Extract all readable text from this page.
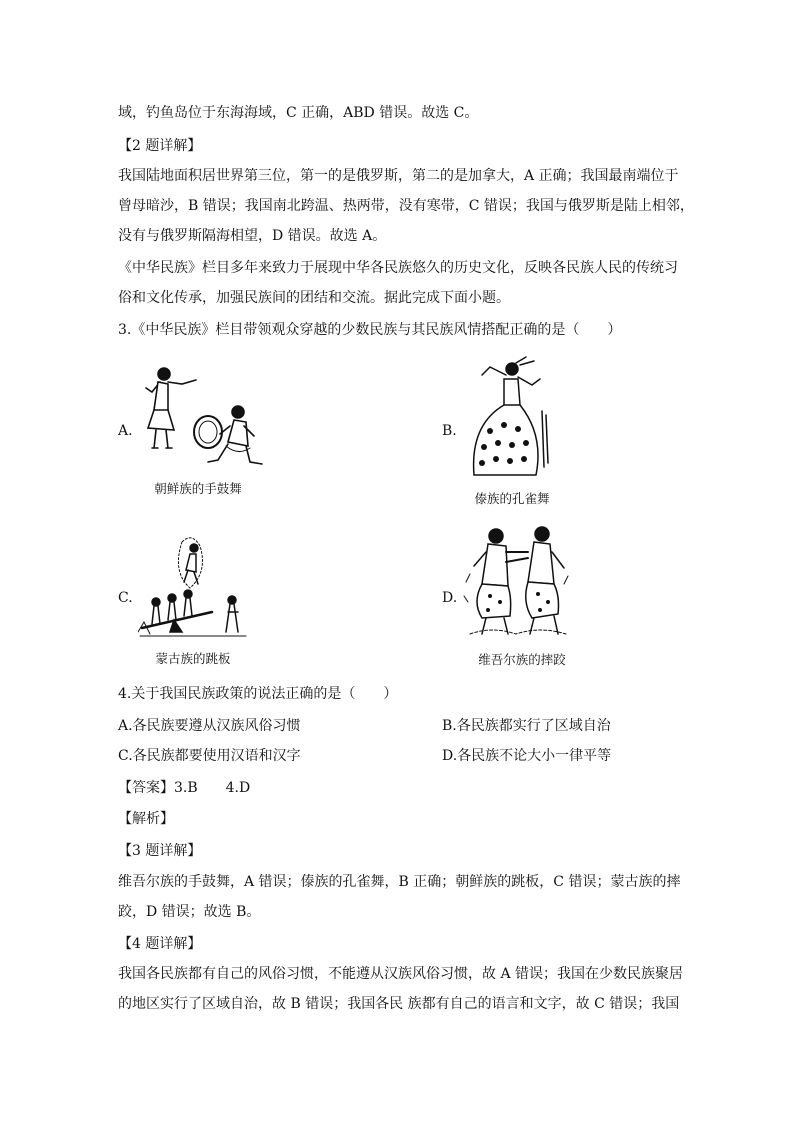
域，钓鱼岛位于东海海域，C 正确，ABD 错误。故选 C。
【2 题详解】
我国陆地面积居世界第三位，第一的是俄罗斯，第二的是加拿大，A 正确；我国最南端位于
曾母暗沙，B 错误；我国南北跨温、热两带，没有寒带，C 错误；我国与俄罗斯是陆上相邻，
没有与俄罗斯隔海相望，D 错误。故选 A。
《中华民族》栏目多年来致力于展现中华各民族悠久的历史文化，反映各民族人民的传统习
俗和文化传承，加强民族间的团结和交流。据此完成下面小题。
3.《中华民族》栏目带领观众穿越的少数民族与其民族风情搭配正确的是（　　）
A.
朝鲜族的手鼓舞
B.
傣族的孔雀舞
C.
蒙古族的跳板
D.
维吾尔族的摔跤
4.关于我国民族政策的说法正确的是（　　）
A.各民族要遵从汉族风俗习惯	B.各民族都实行了区域自治
C.各民族都要使用汉语和汉字	D.各民族不论大小一律平等
【答案】3.B　　4.D
【解析】
【3 题详解】
维吾尔族的手鼓舞，A 错误；傣族的孔雀舞，B 正确；朝鲜族的跳板，C 错误；蒙古族的摔
跤，D 错误；故选 B。
【4 题详解】
我国各民族都有自己的风俗习惯，不能遵从汉族风俗习惯，故 A 错误；我国在少数民族聚居
的地区实行了区域自治，故 B 错误；我国各民 族都有自己的语言和文字，故 C 错误；我国
